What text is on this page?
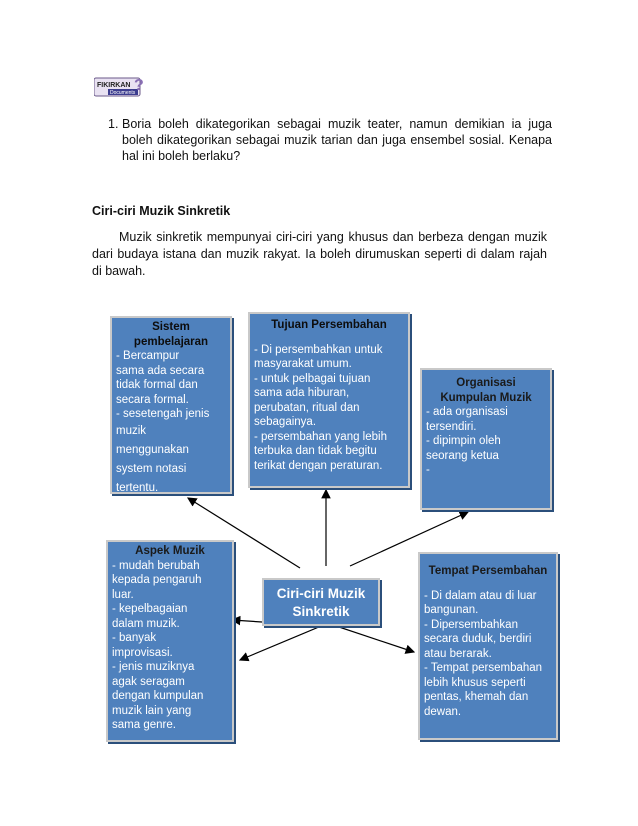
FIKIRKAN
Documents
?
1. Boria boleh dikategorikan sebagai muzik teater, namun demikian ia juga boleh dikategorikan sebagai muzik tarian dan juga ensembel sosial. Kenapa hal ini boleh berlaku?
Ciri-ciri Muzik Sinkretik
Muzik sinkretik mempunyai ciri-ciri yang khusus dan berbeza dengan muzik dari budaya istana dan muzik rakyat. Ia boleh dirumuskan seperti di dalam rajah di bawah.
Sistem
pembelajaran
- Bercampur
sama ada secara
tidak formal dan
secara formal.
- sesetengah jenis
muzik
menggunakan
system notasi
tertentu.
Tujuan Persembahan
- Di persembahkan untuk
masyarakat umum.
- untuk pelbagai tujuan
sama ada hiburan,
perubatan, ritual dan
sebagainya.
- persembahan yang lebih
terbuka dan tidak begitu
terikat dengan peraturan.
Organisasi
Kumpulan Muzik
- ada organisasi
tersendiri.
- dipimpin oleh
seorang ketua
-
Ciri-ciri Muzik
Sinkretik
Aspek Muzik
- mudah berubah
kepada pengaruh
luar.
- kepelbagaian
dalam muzik.
- banyak
improvisasi.
- jenis muziknya
agak seragam
dengan kumpulan
muzik lain yang
sama genre.
Tempat Persembahan
- Di dalam atau di luar
bangunan.
- Dipersembahkan
secara duduk, berdiri
atau berarak.
- Tempat persembahan
lebih khusus seperti
pentas, khemah dan
dewan.
